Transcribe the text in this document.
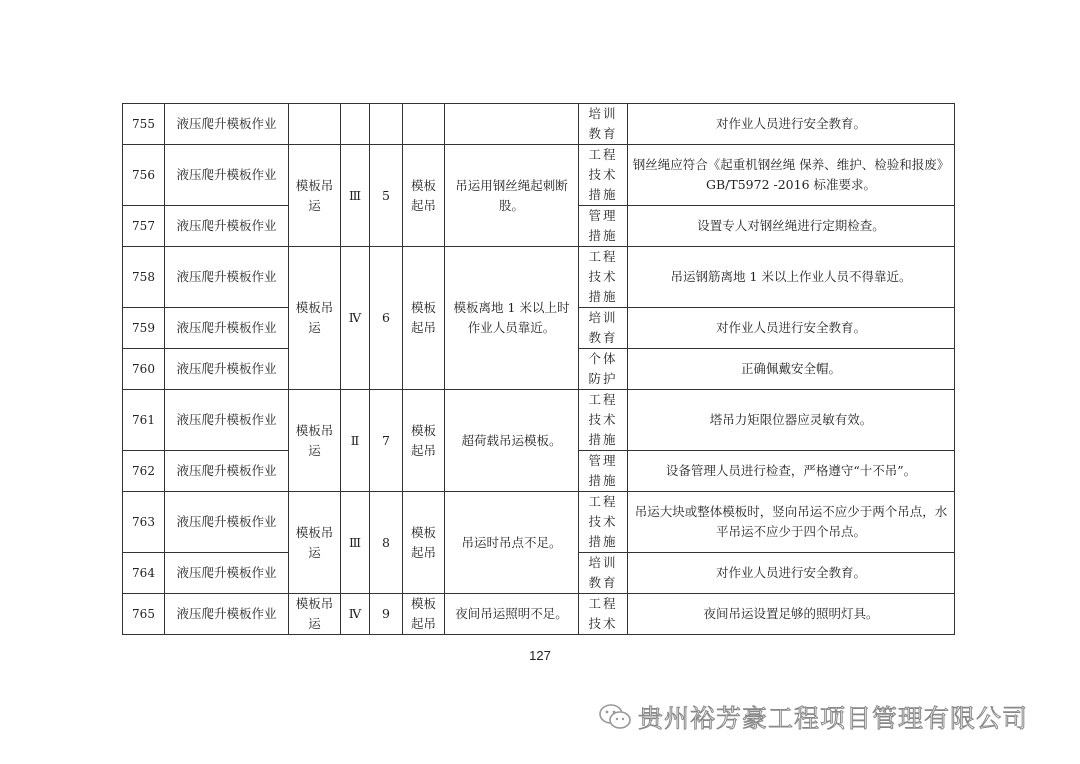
755	液压爬升模板作业						培训教育	对作业人员进行安全教育。
756	液压爬升模板作业	模板吊运	Ⅲ	5	模板起吊	吊运用钢丝绳起刺断股。	工程技术措施	钢丝绳应符合《起重机钢丝绳 保养、维护、检验和报废》 GB/T5972 -2016 标准要求。
757	液压爬升模板作业						管理措施	设置专人对钢丝绳进行定期检查。
758	液压爬升模板作业	模板吊运	Ⅳ	6	模板起吊	模板离地 1 米以上时作业人员靠近。	工程技术措施	吊运钢筋离地 1 米以上作业人员不得靠近。
759	液压爬升模板作业						培训教育	对作业人员进行安全教育。
760	液压爬升模板作业						个体防护	正确佩戴安全帽。
761	液压爬升模板作业	模板吊运	Ⅱ	7	模板起吊	超荷载吊运模板。	工程技术措施	塔吊力矩限位器应灵敏有效。
762	液压爬升模板作业						管理措施	设备管理人员进行检查，严格遵守“十不吊”。
763	液压爬升模板作业	模板吊运	Ⅲ	8	模板起吊	吊运时吊点不足。	工程技术措施	吊运大块或整体模板时，竖向吊运不应少于两个吊点，水平吊运不应少于四个吊点。
764	液压爬升模板作业						培训教育	对作业人员进行安全教育。
765	液压爬升模板作业	模板吊运	Ⅳ	9	模板起吊	夜间吊运照明不足。	工程技术	夜间吊运设置足够的照明灯具。
127
贵州裕芳豪工程项目管理有限公司
